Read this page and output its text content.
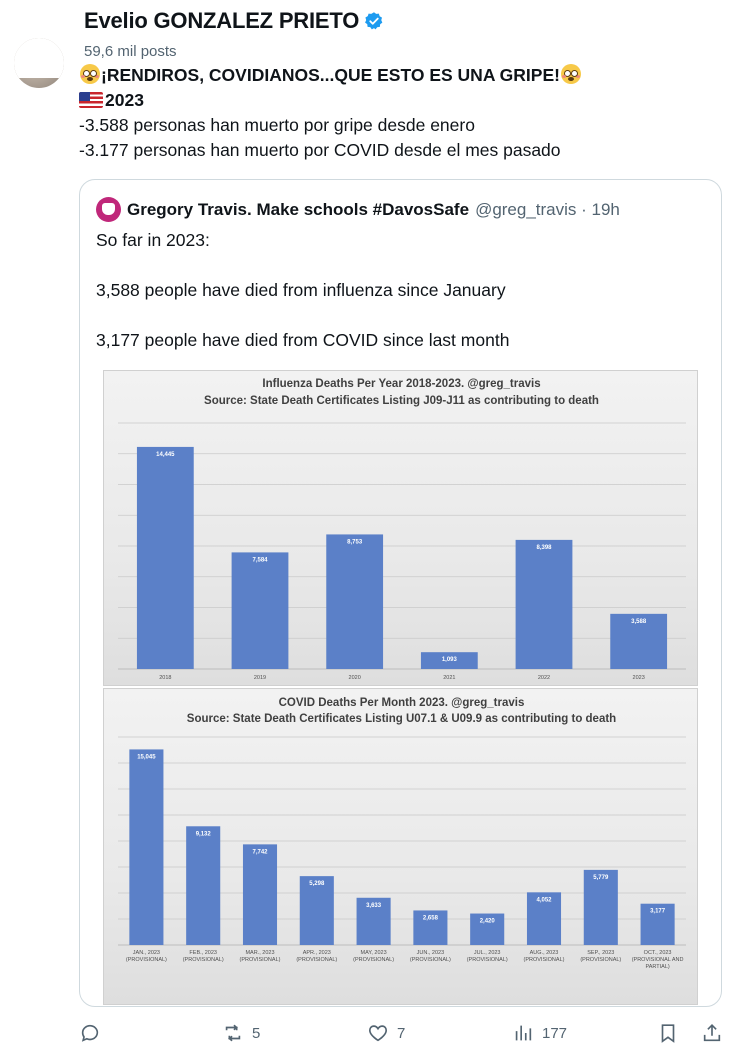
Evelio GONZALEZ PRIETO
59,6 mil posts
¡RENDIROS, COVIDIANOS...QUE ESTO ES UNA GRIPE!
2023
-3.588 personas han muerto por gripe desde enero
-3.177 personas han muerto por COVID desde el mes pasado
Gregory Travis. Make schools #DavosSafe @greg_travis · 19h

So far in 2023:

3,588 people have died from influenza since January

3,177 people have died from COVID since last month

Influenza Deaths Per Year 2018-2023. @greg_travis
Source: State Death Certificates Listing J09-J11 as contributing to death
14,445
2018
7,584
2019
8,753
2020
1,093
2021
8,398
2022
3,588
2023
COVID Deaths Per Month 2023. @greg_travis
Source: State Death Certificates Listing U07.1 & U09.9 as contributing to death
15,045
JAN., 2023 (PROVISIONAL)
9,132
FEB., 2023 (PROVISIONAL)
7,742
MAR., 2023 (PROVISIONAL)
5,298
APR., 2023 (PROVISIONAL)
3,633
MAY, 2023 (PROVISIONAL)
2,658
JUN., 2023 (PROVISIONAL)
2,420
JUL., 2023 (PROVISIONAL)
4,052
AUG., 2023 (PROVISIONAL)
5,779
SEP., 2023 (PROVISIONAL)
3,177
OCT., 2023 (PROVISIONAL AND PARTIAL)
5	7	177
